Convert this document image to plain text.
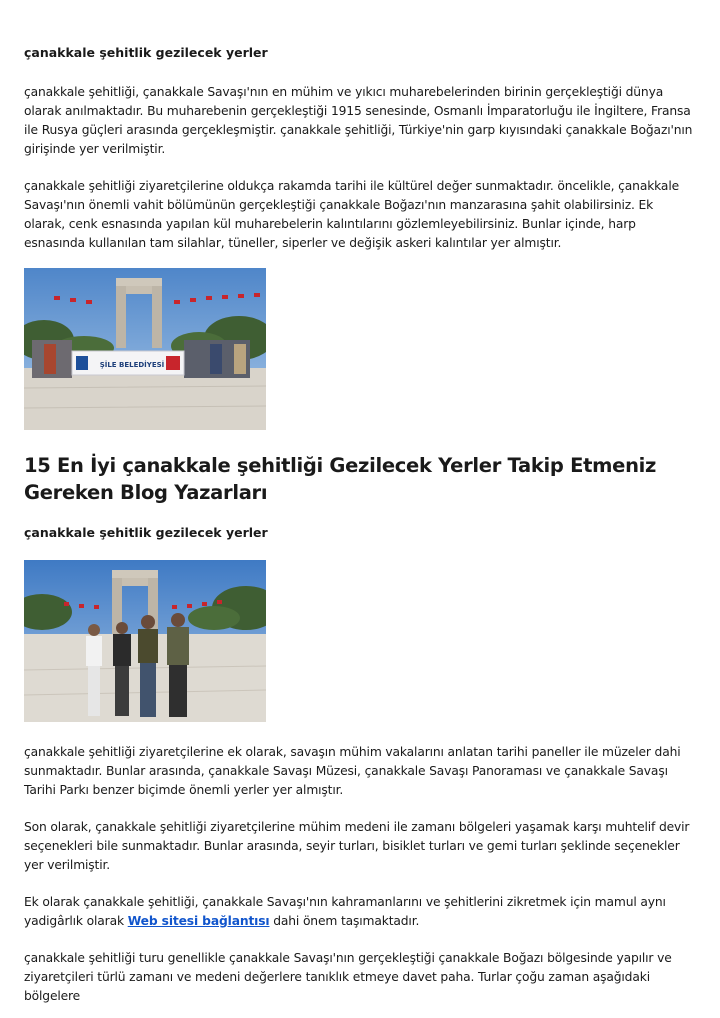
çanakkale şehitlik gezilecek yerler

çanakkale şehitliği, çanakkale Savaşı'nın en mühim ve yıkıcı muharebelerinden birinin gerçekleştiği dünya olarak anılmaktadır. Bu muharebenin gerçekleştiği 1915 senesinde, Osmanlı İmparatorluğu ile İngiltere, Fransa ile Rusya güçleri arasında gerçekleşmiştir. çanakkale şehitliği, Türkiye'nin garp kıyısındaki çanakkale Boğazı'nın girişinde yer verilmiştir.

çanakkale şehitliği ziyaretçilerine oldukça rakamda tarihi ile kültürel değer sunmaktadır. öncelikle, çanakkale Savaşı'nın önemli vahit bölümünün gerçekleştiği çanakkale Boğazı'nın manzarasına şahit olabilirsiniz. Ek olarak, cenk esnasında yapılan kül muharebelerin kalıntılarını gözlemleyebilirsiniz. Bunlar içinde, harp esnasında kullanılan tam silahlar, tüneller, siperler ve değişik askeri kalıntılar yer almıştır.

ŞİLE BELEDİYESİ
15 En İyi çanakkale şehitliği Gezilecek Yerler Takip Etmeniz Gereken Blog Yazarları
çanakkale şehitlik gezilecek yerler

çanakkale şehitliği ziyaretçilerine ek olarak, savaşın mühim vakalarını anlatan tarihi paneller ile müzeler dahi sunmaktadır. Bunlar arasında, çanakkale Savaşı Müzesi, çanakkale Savaşı Panoraması ve çanakkale Savaşı Tarihi Parkı benzer biçimde önemli yerler yer almıştır.

Son olarak, çanakkale şehitliği ziyaretçilerine mühim medeni ile zamanı bölgeleri yaşamak karşı muhtelif devir seçenekleri bile sunmaktadır. Bunlar arasında, seyir turları, bisiklet turları ve gemi turları şeklinde seçenekler yer verilmiştir.

Ek olarak çanakkale şehitliği, çanakkale Savaşı'nın kahramanlarını ve şehitlerini zikretmek için mamul aynı yadigârlık olarak Web sitesi bağlantısı dahi önem taşımaktadır.

çanakkale şehitliği turu genellikle çanakkale Savaşı'nın gerçekleştiği çanakkale Boğazı bölgesinde yapılır ve ziyaretçileri türlü zamanı ve medeni değerlere tanıklık etmeye davet paha. Turlar çoğu zaman aşağıdaki bölgelere
